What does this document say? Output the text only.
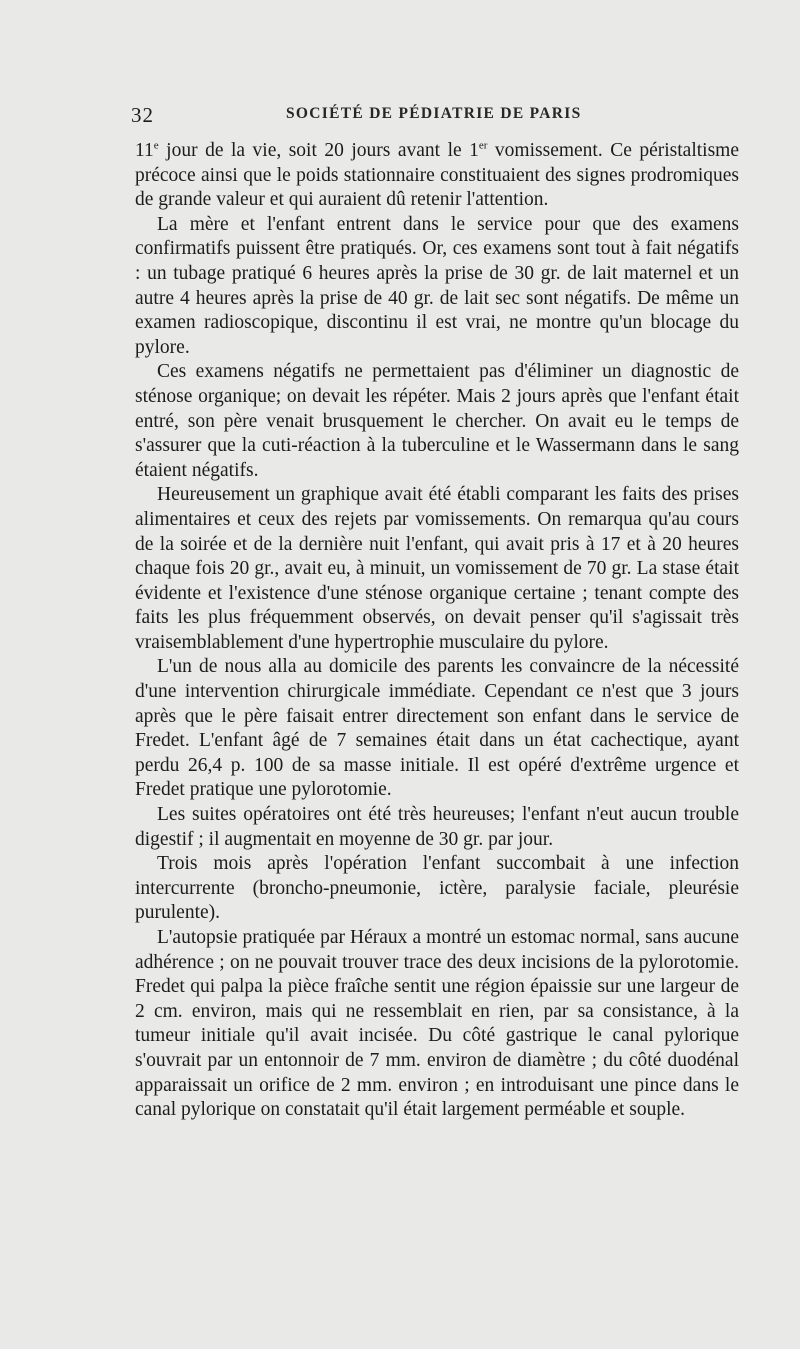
32	SOCIÉTÉ DE PÉDIATRIE DE PARIS

11e jour de la vie, soit 20 jours avant le 1er vomissement. Ce péristaltisme précoce ainsi que le poids stationnaire constituaient des signes prodromiques de grande valeur et qui auraient dû retenir l'attention.

La mère et l'enfant entrent dans le service pour que des examens confirmatifs puissent être pratiqués. Or, ces examens sont tout à fait négatifs : un tubage pratiqué 6 heures après la prise de 30 gr. de lait maternel et un autre 4 heures après la prise de 40 gr. de lait sec sont négatifs. De même un examen radioscopique, discontinu il est vrai, ne montre qu'un blocage du pylore.

Ces examens négatifs ne permettaient pas d'éliminer un diagnostic de sténose organique; on devait les répéter. Mais 2 jours après que l'enfant était entré, son père venait brusquement le chercher. On avait eu le temps de s'assurer que la cuti-réaction à la tuberculine et le Wassermann dans le sang étaient négatifs.

Heureusement un graphique avait été établi comparant les faits des prises alimentaires et ceux des rejets par vomissements. On remarqua qu'au cours de la soirée et de la dernière nuit l'enfant, qui avait pris à 17 et à 20 heures chaque fois 20 gr., avait eu, à minuit, un vomissement de 70 gr. La stase était évidente et l'existence d'une sténose organique certaine ; tenant compte des faits les plus fréquemment observés, on devait penser qu'il s'agissait très vraisemblablement d'une hypertrophie musculaire du pylore.

L'un de nous alla au domicile des parents les convaincre de la nécessité d'une intervention chirurgicale immédiate. Cependant ce n'est que 3 jours après que le père faisait entrer directement son enfant dans le service de Fredet. L'enfant âgé de 7 semaines était dans un état cachectique, ayant perdu 26,4 p. 100 de sa masse initiale. Il est opéré d'extrême urgence et Fredet pratique une pylorotomie.

Les suites opératoires ont été très heureuses; l'enfant n'eut aucun trouble digestif ; il augmentait en moyenne de 30 gr. par jour.

Trois mois après l'opération l'enfant succombait à une infection intercurrente (broncho-pneumonie, ictère, paralysie faciale, pleurésie purulente).

L'autopsie pratiquée par Héraux a montré un estomac normal, sans aucune adhérence ; on ne pouvait trouver trace des deux incisions de la pylorotomie. Fredet qui palpa la pièce fraîche sentit une région épaissie sur une largeur de 2 cm. environ, mais qui ne ressemblait en rien, par sa consistance, à la tumeur initiale qu'il avait incisée. Du côté gastrique le canal pylorique s'ouvrait par un entonnoir de 7 mm. environ de diamètre ; du côté duodénal apparaissait un orifice de 2 mm. environ ; en introduisant une pince dans le canal pylorique on constatait qu'il était largement perméable et souple.
